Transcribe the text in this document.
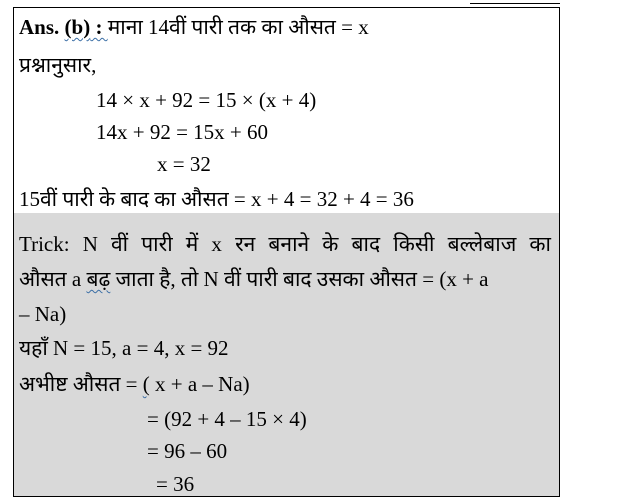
Ans. (b) : माना 14वीं पारी तक का औसत = x
प्रश्नानुसार,
14 × x + 92 = 15 × (x + 4)
14x + 92 = 15x + 60
x = 32
15वीं पारी के बाद का औसत = x + 4 = 32 + 4 = 36
Trick: N वीं पारी में x रन बनाने के बाद किसी बल्लेबाज का
औसत a बढ़ जाता है, तो N वीं पारी बाद उसका औसत = (x + a
– Na)
यहाँ N = 15, a = 4, x = 92
अभीष्ट औसत = ( x + a – Na)
= (92 + 4 – 15 × 4)
= 96 – 60
= 36
